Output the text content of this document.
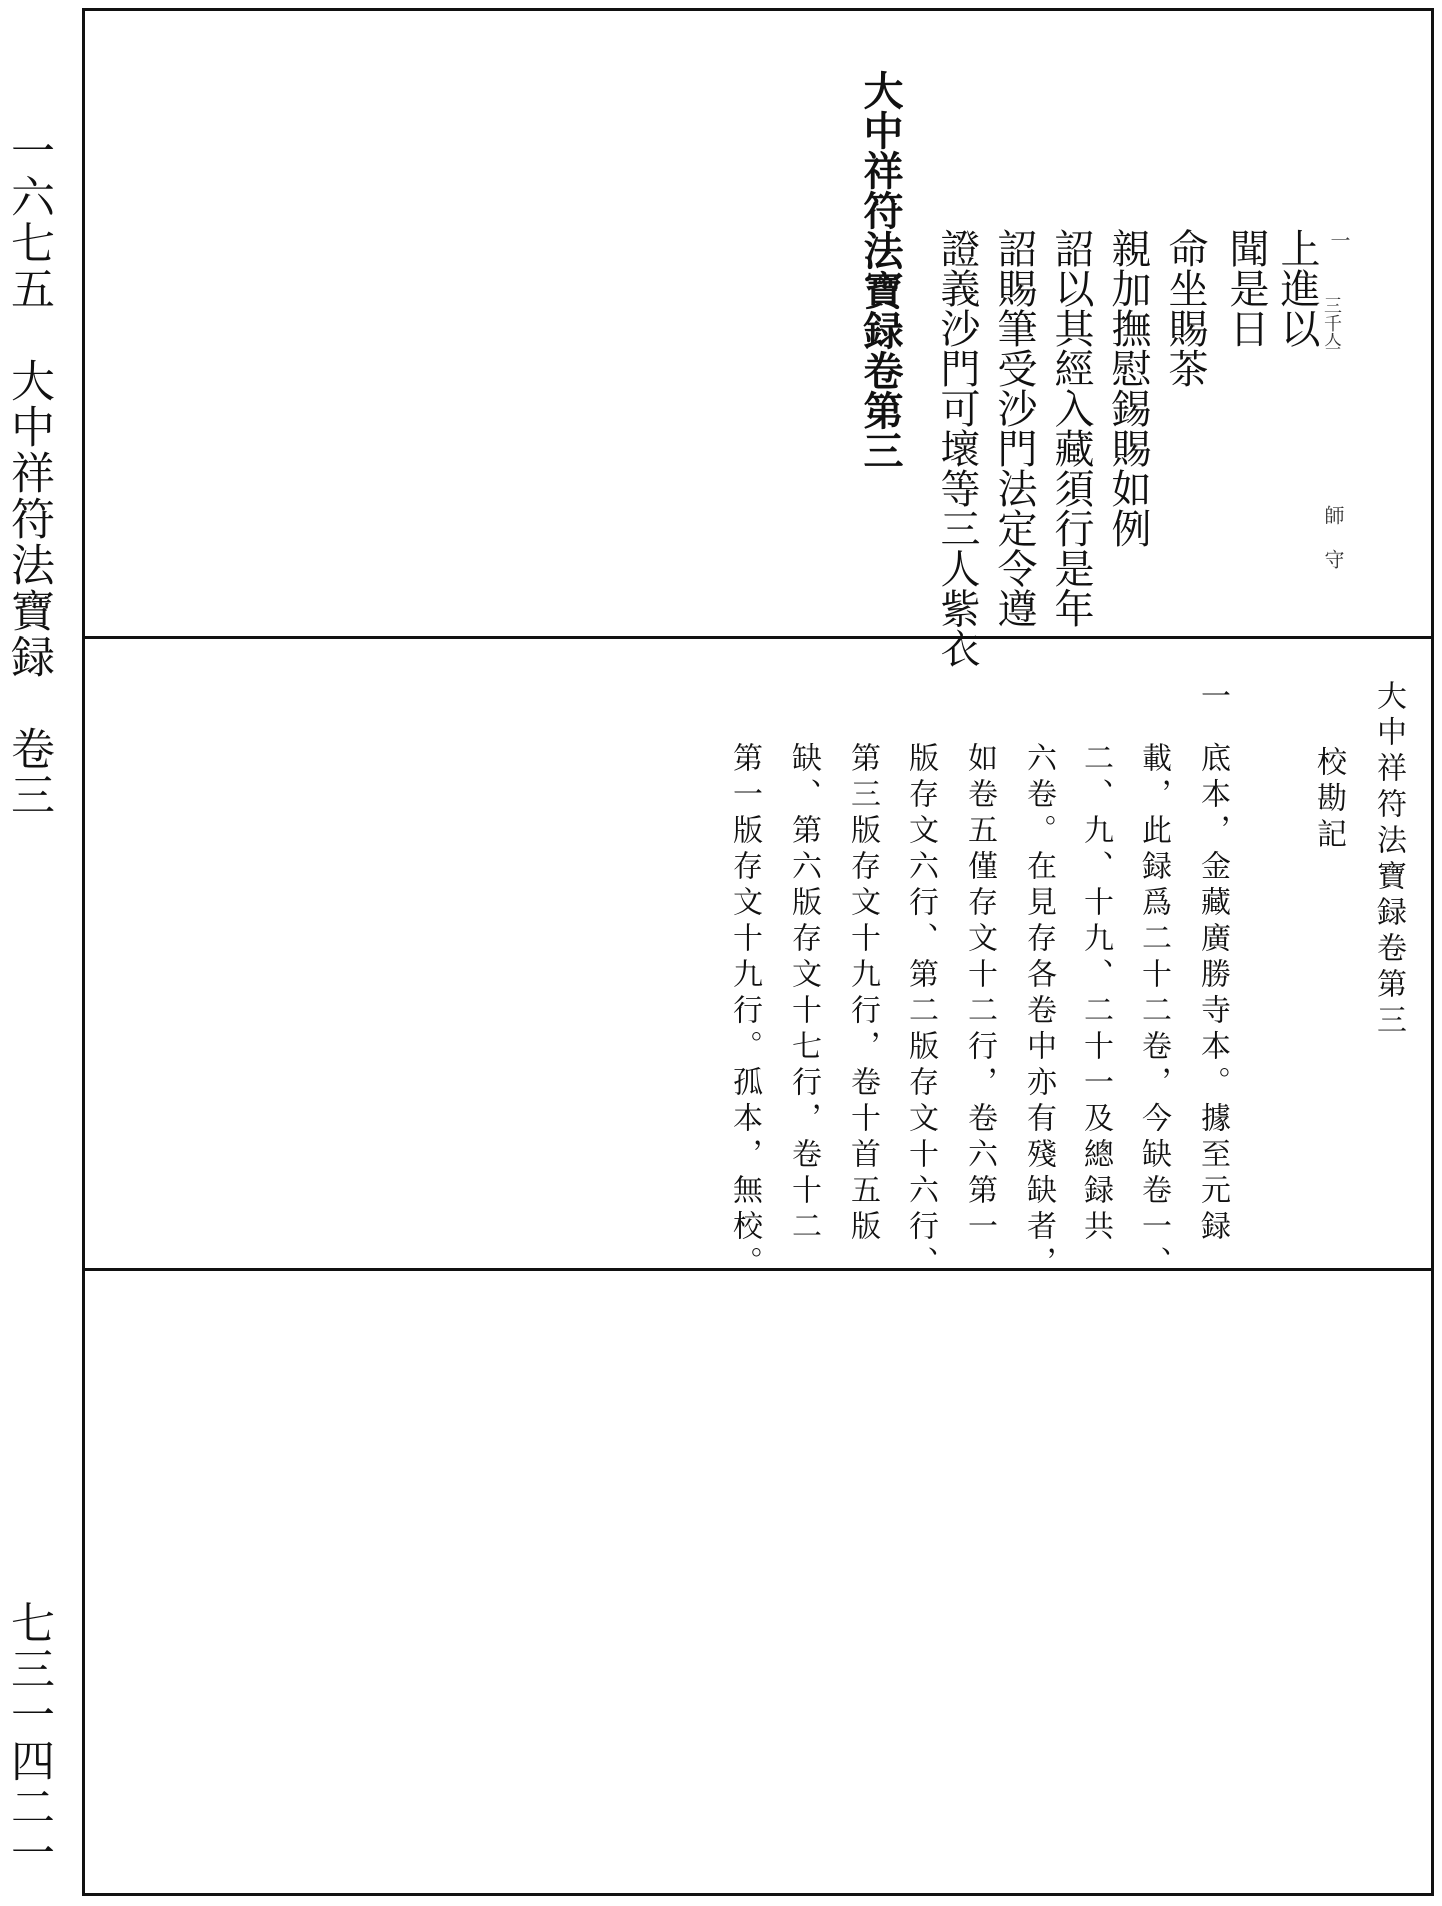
一六七五　大中祥符法寶録　卷三
七三一四二一
大中祥符法寶録卷第三	上進以
聞是日
命坐賜茶
親加撫慰錫賜如例
詔以其經入藏須行是年
詔賜筆受沙門法定令遵
證義沙門可壞等三人紫衣	一
三千亼
師 守
大中祥符法寶録卷第三
校勘記
一
底本，金藏廣勝寺本。據至元録
載，此録爲二十二卷，今缺卷一、
二、九、十九、二十一及總録共
六卷。在見存各卷中亦有殘缺者，
如卷五僅存文十二行，卷六第一
版存文六行、第二版存文十六行、
第三版存文十九行，卷十首五版
缺、第六版存文十七行，卷十二
第一版存文十九行。孤本，無校。
